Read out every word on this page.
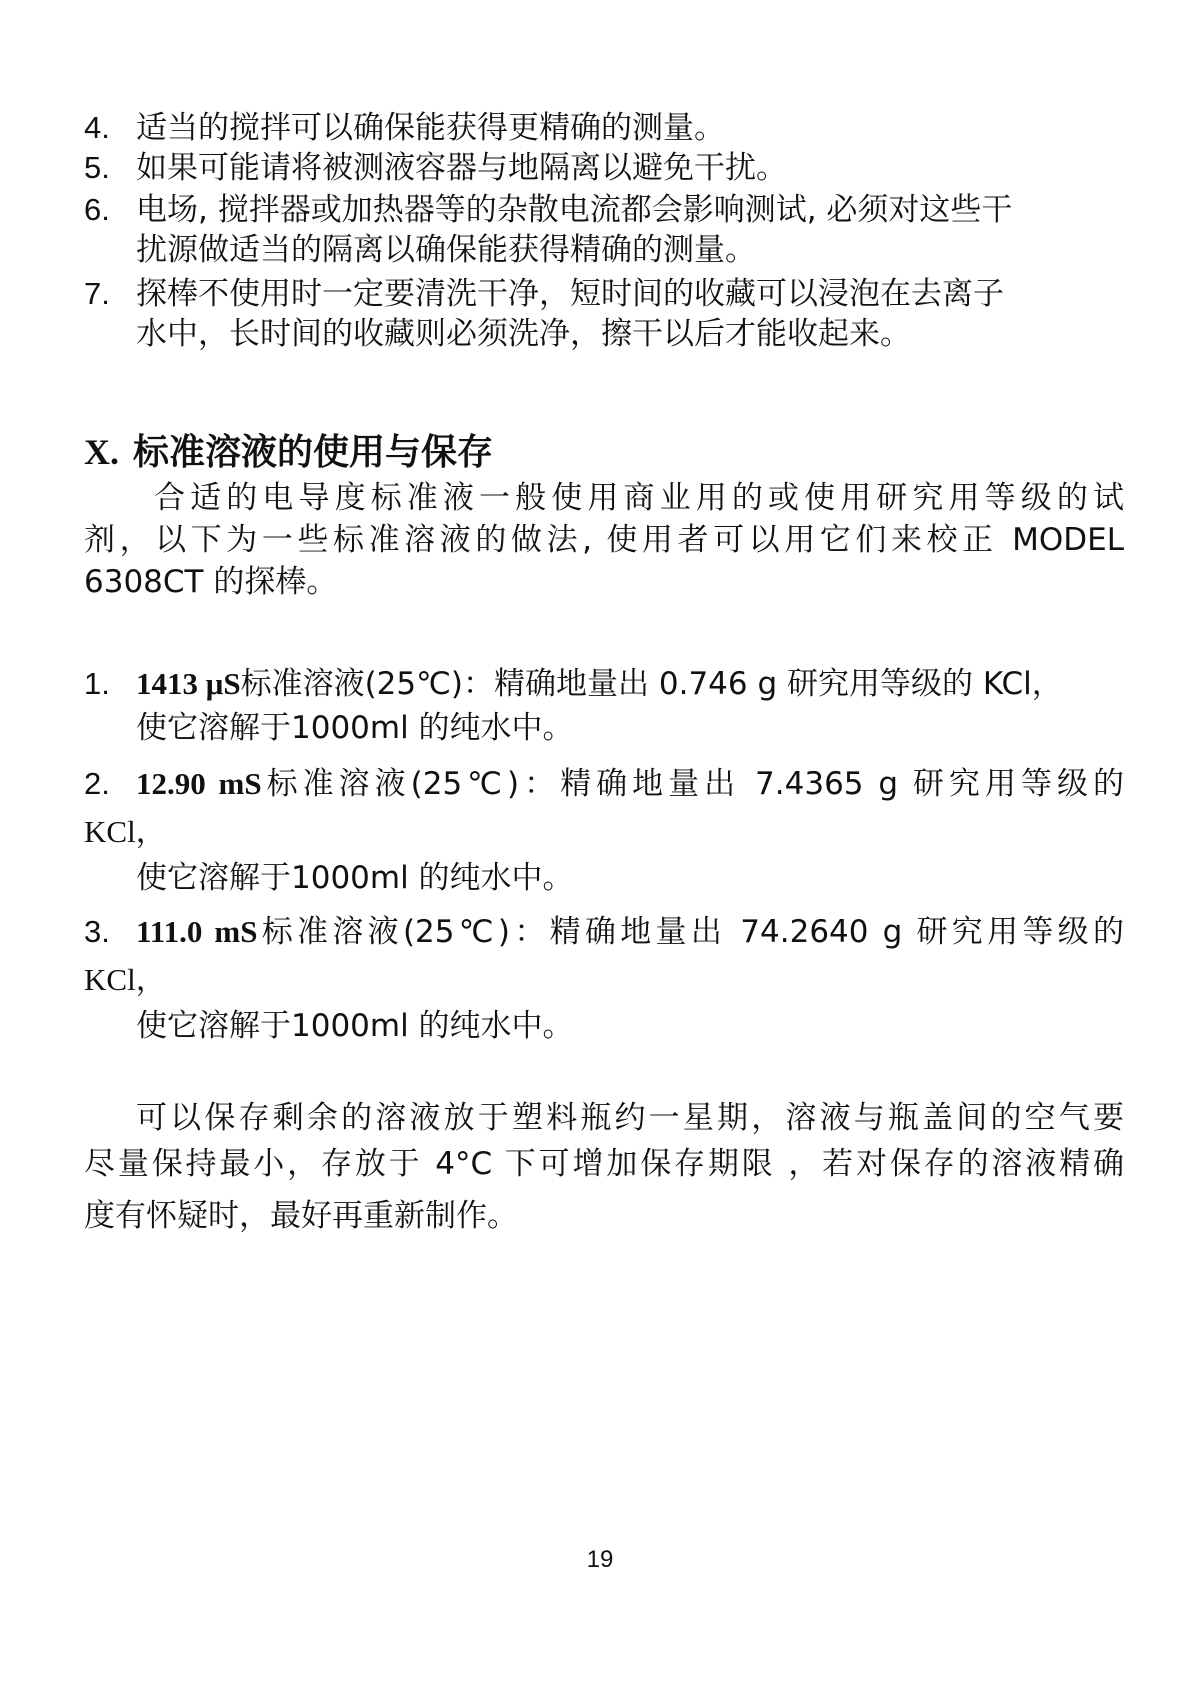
4. 适当的搅拌可以确保能获得更精确的测量。
5. 如果可能请将被测液容器与地隔离以避免干扰。
6. 电场, 搅拌器或加热器等的杂散电流都会影响测试, 必须对这些干
扰源做适当的隔离以确保能获得精确的测量。
7. 探棒不使用时一定要清洗干净，短时间的收藏可以浸泡在去离子
水中，长时间的收藏则必须洗净，擦干以后才能收起来。
X. 标准溶液的使用与保存
合适的电导度标准液一般使用商业用的或使用研究用等级的试
剂，以下为一些标准溶液的做法, 使用者可以用它们来校正 MODEL
6308CT 的探棒。
1. 1413 μS标准溶液(25℃)：精确地量出 0.746 g 研究用等级的 KCl，
使它溶解于1000ml 的纯水中。
2. 12.90 mS标准溶液(25℃)：精确地量出 7.4365 g 研究用等级的
KCl，
使它溶解于1000ml 的纯水中。
3. 111.0 mS标准溶液(25℃)：精确地量出 74.2640 g 研究用等级的
KCl，
使它溶解于1000ml 的纯水中。
可以保存剩余的溶液放于塑料瓶约一星期，溶液与瓶盖间的空气要
尽量保持最小，存放于 4°C 下可增加保存期限 ，若对保存的溶液精确
度有怀疑时，最好再重新制作。
19
